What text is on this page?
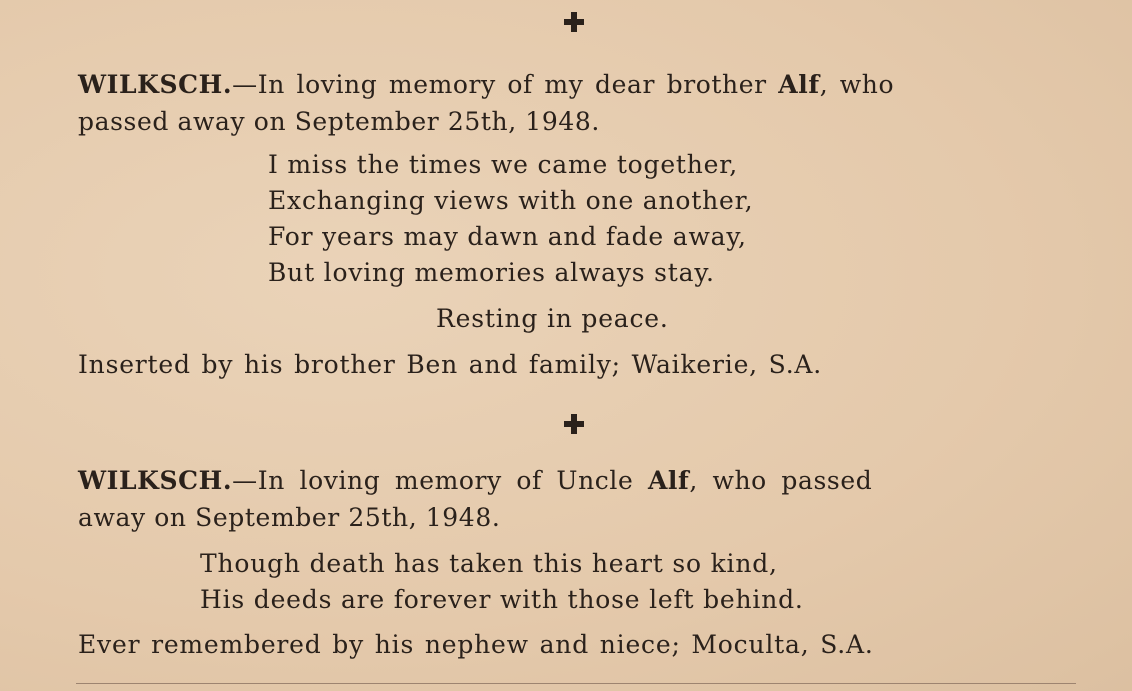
WILKSCH.—In loving memory of my dear brother Alf, who
passed away on September 25th, 1948.
I miss the times we came together,
Exchanging views with one another,
For years may dawn and fade away,
But loving memories always stay.
Resting in peace.
Inserted by his brother Ben and family; Waikerie, S.A.
WILKSCH.—In loving memory of Uncle Alf, who passed
away on September 25th, 1948.
Though death has taken this heart so kind,
His deeds are forever with those left behind.
Ever remembered by his nephew and niece; Moculta, S.A.
